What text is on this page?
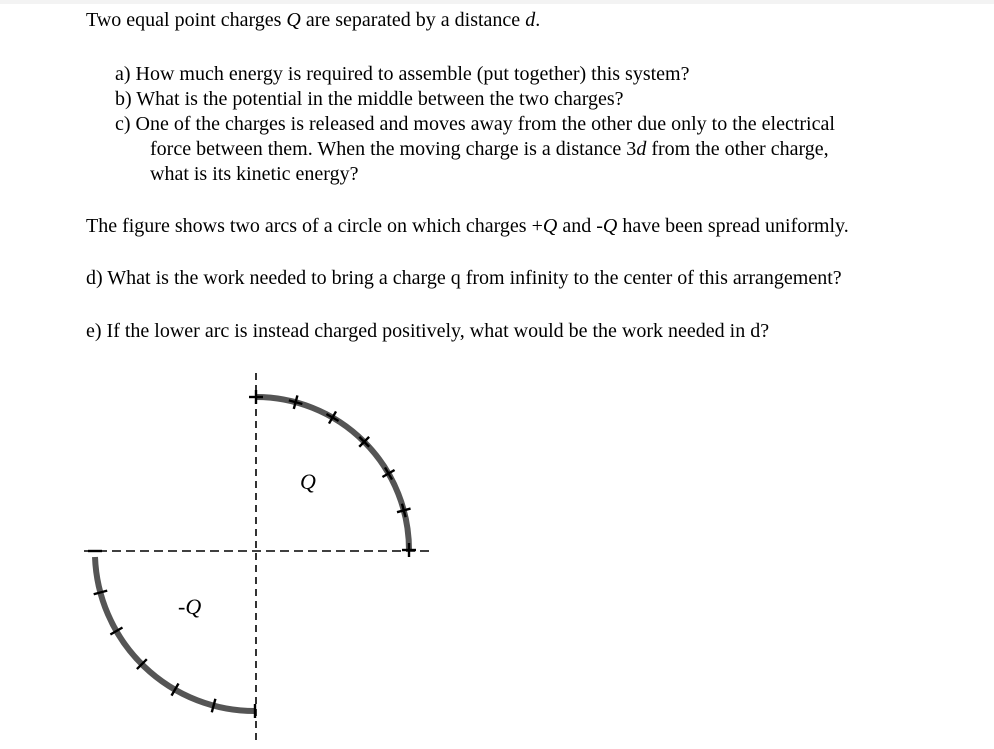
Two equal point charges Q are separated by a distance d.
a) How much energy is required to assemble (put together) this system?
b) What is the potential in the middle between the two charges?
c) One of the charges is released and moves away from the other due only to the electrical
force between them. When the moving charge is a distance 3d from the other charge,
what is its kinetic energy?
The figure shows two arcs of a circle on which charges +Q and -Q have been spread uniformly.
d) What is the work needed to bring a charge q from infinity to the center of this arrangement?
e) If the lower arc is instead charged positively, what would be the work needed in d?
Q
-Q
